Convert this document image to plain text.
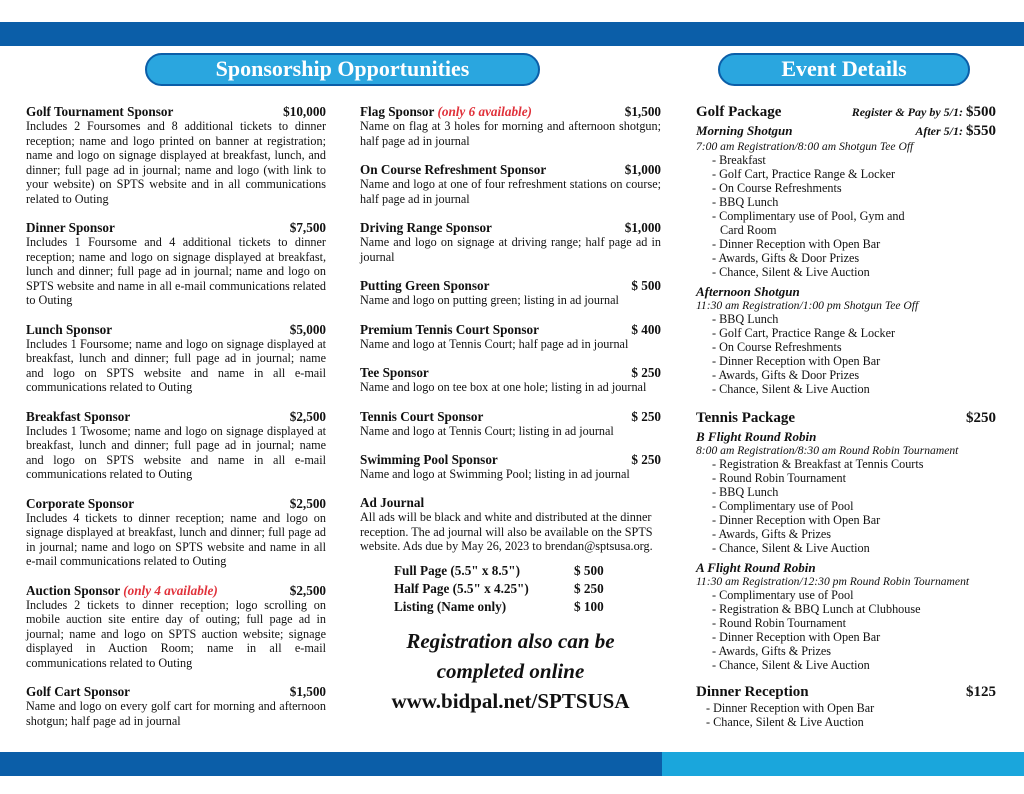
Sponsorship Opportunities	Event Details
Golf Tournament Sponsor	$10,000
Includes 2 Foursomes and 8 additional tickets to dinner reception; name and logo printed on banner at registration; name and logo on signage displayed at breakfast, lunch, and dinner; full page ad in journal; name and logo (with link to your website) on SPTS website and in all communications related to Outing
Dinner Sponsor	$7,500
Includes 1 Foursome and 4 additional tickets to dinner reception; name and logo on signage displayed at breakfast, lunch and dinner; full page ad in journal; name and logo on SPTS website and name in all e-mail communications related to Outing
Lunch Sponsor	$5,000
Includes 1 Foursome; name and logo on signage displayed at breakfast, lunch and dinner; full page ad in journal; name and logo on SPTS website and name in all e-mail communications related to Outing
Breakfast Sponsor	$2,500
Includes 1 Twosome; name and logo on signage displayed at breakfast, lunch and dinner; full page ad in journal; name and logo on SPTS website and name in all e-mail communications related to Outing
Corporate Sponsor	$2,500
Includes 4 tickets to dinner reception; name and logo on signage displayed at breakfast, lunch and dinner; full page ad in journal; name and logo on SPTS website and name in all e-mail communications related to Outing
Auction Sponsor (only 4 available)	$2,500
Includes 2 tickets to dinner reception; logo scrolling on mobile auction site entire day of outing; full page ad in journal; name and logo on SPTS auction website; signage displayed in Auction Room; name in all e-mail communications related to Outing
Golf Cart Sponsor	$1,500
Name and logo on every golf cart for morning and afternoon shotgun; half page ad in journal
Flag Sponsor (only 6 available)	$1,500
Name on flag at 3 holes for morning and afternoon shotgun; half page ad in journal
On Course Refreshment Sponsor	$1,000
Name and logo at one of four refreshment stations on course; half page ad in journal
Driving Range Sponsor	$1,000
Name and logo on signage at driving range; half page ad in journal
Putting Green Sponsor	$ 500
Name and logo on putting green; listing in ad journal
Premium Tennis Court Sponsor	$ 400
Name and logo at Tennis Court; half page ad in journal
Tee Sponsor	$ 250
Name and logo on tee box at one hole; listing in ad journal
Tennis Court Sponsor	$ 250
Name and logo at Tennis Court; listing in ad journal
Swimming Pool Sponsor	$ 250
Name and logo at Swimming Pool; listing in ad journal
Ad Journal
All ads will be black and white and distributed at the dinner reception. The ad journal will also be available on the SPTS website. Ads due by May 26, 2023 to brendan@sptsusa.org.
Full Page (5.5" x 8.5")	$ 500
Half Page (5.5" x 4.25")	$ 250
Listing (Name only)	$ 100
Registration also can be
completed online
www.bidpal.net/SPTSUSA
Golf Package	Register & Pay by 5/1: $500
Morning Shotgun	After 5/1: $550
7:00 am Registration/8:00 am Shotgun Tee Off
- Breakfast
- Golf Cart, Practice Range & Locker
- On Course Refreshments
- BBQ Lunch
- Complimentary use of Pool, Gym and
Card Room
- Dinner Reception with Open Bar
- Awards, Gifts & Door Prizes
- Chance, Silent & Live Auction
Afternoon Shotgun
11:30 am Registration/1:00 pm Shotgun Tee Off
- BBQ Lunch
- Golf Cart, Practice Range & Locker
- On Course Refreshments
- Dinner Reception with Open Bar
- Awards, Gifts & Door Prizes
- Chance, Silent & Live Auction
Tennis Package	$250
B Flight Round Robin
8:00 am Registration/8:30 am Round Robin Tournament
- Registration & Breakfast at Tennis Courts
- Round Robin Tournament
- BBQ Lunch
- Complimentary use of Pool
- Dinner Reception with Open Bar
- Awards, Gifts & Prizes
- Chance, Silent & Live Auction
A Flight Round Robin
11:30 am Registration/12:30 pm Round Robin Tournament
- Complimentary use of Pool
- Registration & BBQ Lunch at Clubhouse
- Round Robin Tournament
- Dinner Reception with Open Bar
- Awards, Gifts & Prizes
- Chance, Silent & Live Auction
Dinner Reception	$125
- Dinner Reception with Open Bar
- Chance, Silent & Live Auction
